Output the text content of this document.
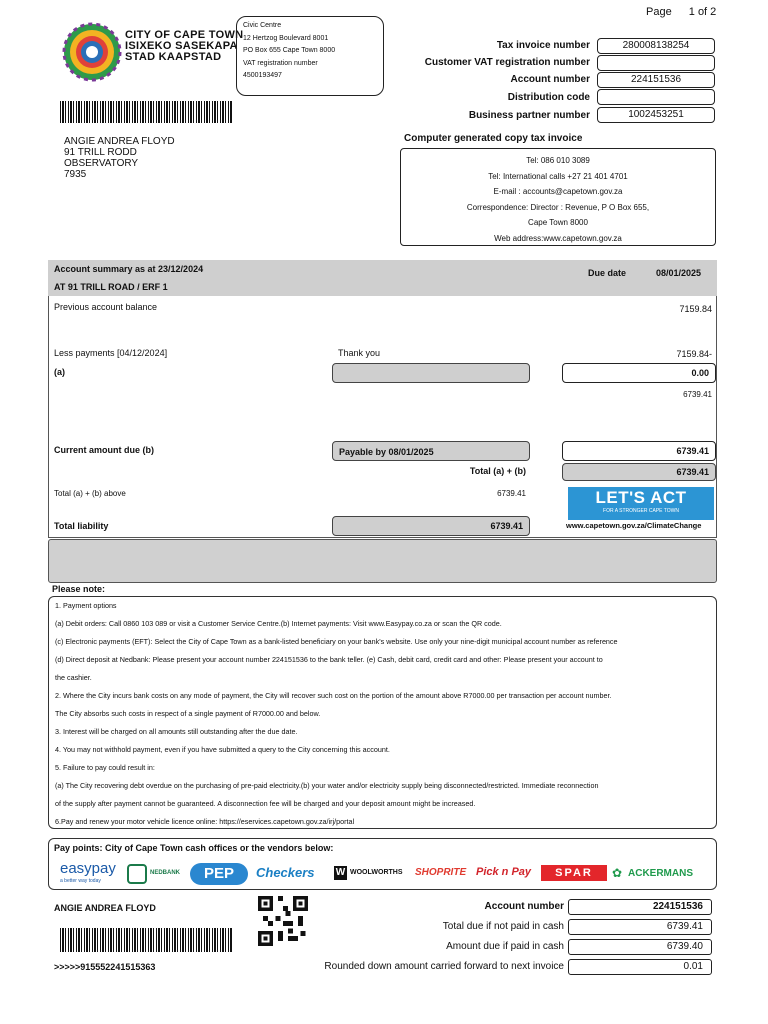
Page 1 of 2
CITY OF CAPE TOWN
ISIXEKO SASEKAPA
STAD KAAPSTAD
Civic Centre
12 Hertzog Boulevard 8001
PO Box 655 Cape Town 8000
VAT registration number
4500193497
ANGIE ANDREA FLOYD
91 TRILL RODD
OBSERVATORY
7935
Tax invoice number	280008138254
Customer VAT registration number
Account number	224151536
Distribution code
Business partner number	1002453251
Computer generated copy tax invoice
Tel: 086 010 3089
Tel: International calls +27 21 401 4701
E-mail : accounts@capetown.gov.za
Correspondence: Director : Revenue, P O Box 655,
Cape Town 8000
Web address:www.capetown.gov.za
Account summary as at 23/12/2024
AT 91 TRILL ROAD / ERF 1
Due date	08/01/2025
Previous account balance	7159.84
Less payments [04/12/2024]	Thank you	7159.84-
(a)	0.00
6739.41
Current amount due (b)	Payable by 08/01/2025	6739.41
Total (a) + (b)	6739.41
Total (a) + (b) above	6739.41	LET'S ACT
FOR A STRONGER CAPE TOWN
www.capetown.gov.za/ClimateChange
Total liability	6739.41
Please note:
1. Payment options
(a) Debit orders: Call 0860 103 089 or visit a Customer Service Centre.(b) Internet payments: Visit www.Easypay.co.za or scan the QR code.
(c) Electronic payments (EFT): Select the City of Cape Town as a bank-listed beneficiary on your bank's website. Use only your nine-digit municipal account number as reference
(d) Direct deposit at Nedbank: Please present your account number 224151536 to the bank teller. (e) Cash, debit card, credit card and other: Please present your account to
the cashier.
2. Where the City incurs bank costs on any mode of payment, the City will recover such cost on the portion of the amount above R7000.00 per transaction per account number.
The City absorbs such costs in respect of a single payment of R7000.00 and below.
3. Interest will be charged on all amounts still outstanding after the due date.
4. You may not withhold payment, even if you have submitted a query to the City concerning this account.
5. Failure to pay could result in:
(a) The City recovering debt overdue on the purchasing of pre-paid electricity.(b) your water and/or electricity supply being disconnected/restricted. Immediate reconnection
of the supply after payment cannot be guaranteed. A disconnection fee will be charged and your deposit amount might be increased.
6.Pay and renew your motor vehicle licence online: https://eservices.capetown.gov.za/irj/portal
Pay points: City of Cape Town cash offices or the vendors below:
easypay
a better way today
NEDBANK	PEP	Checkers W WOOLWORTHS SHOPRITE Pick n Pay	SPAR	✿ ACKERMANS
ANGIE ANDREA FLOYD
>>>>>915552241515363
Account number	224151536
Total due if not paid in cash	6739.41
Amount due if paid in cash	6739.40
Rounded down amount carried forward to next invoice	0.01
